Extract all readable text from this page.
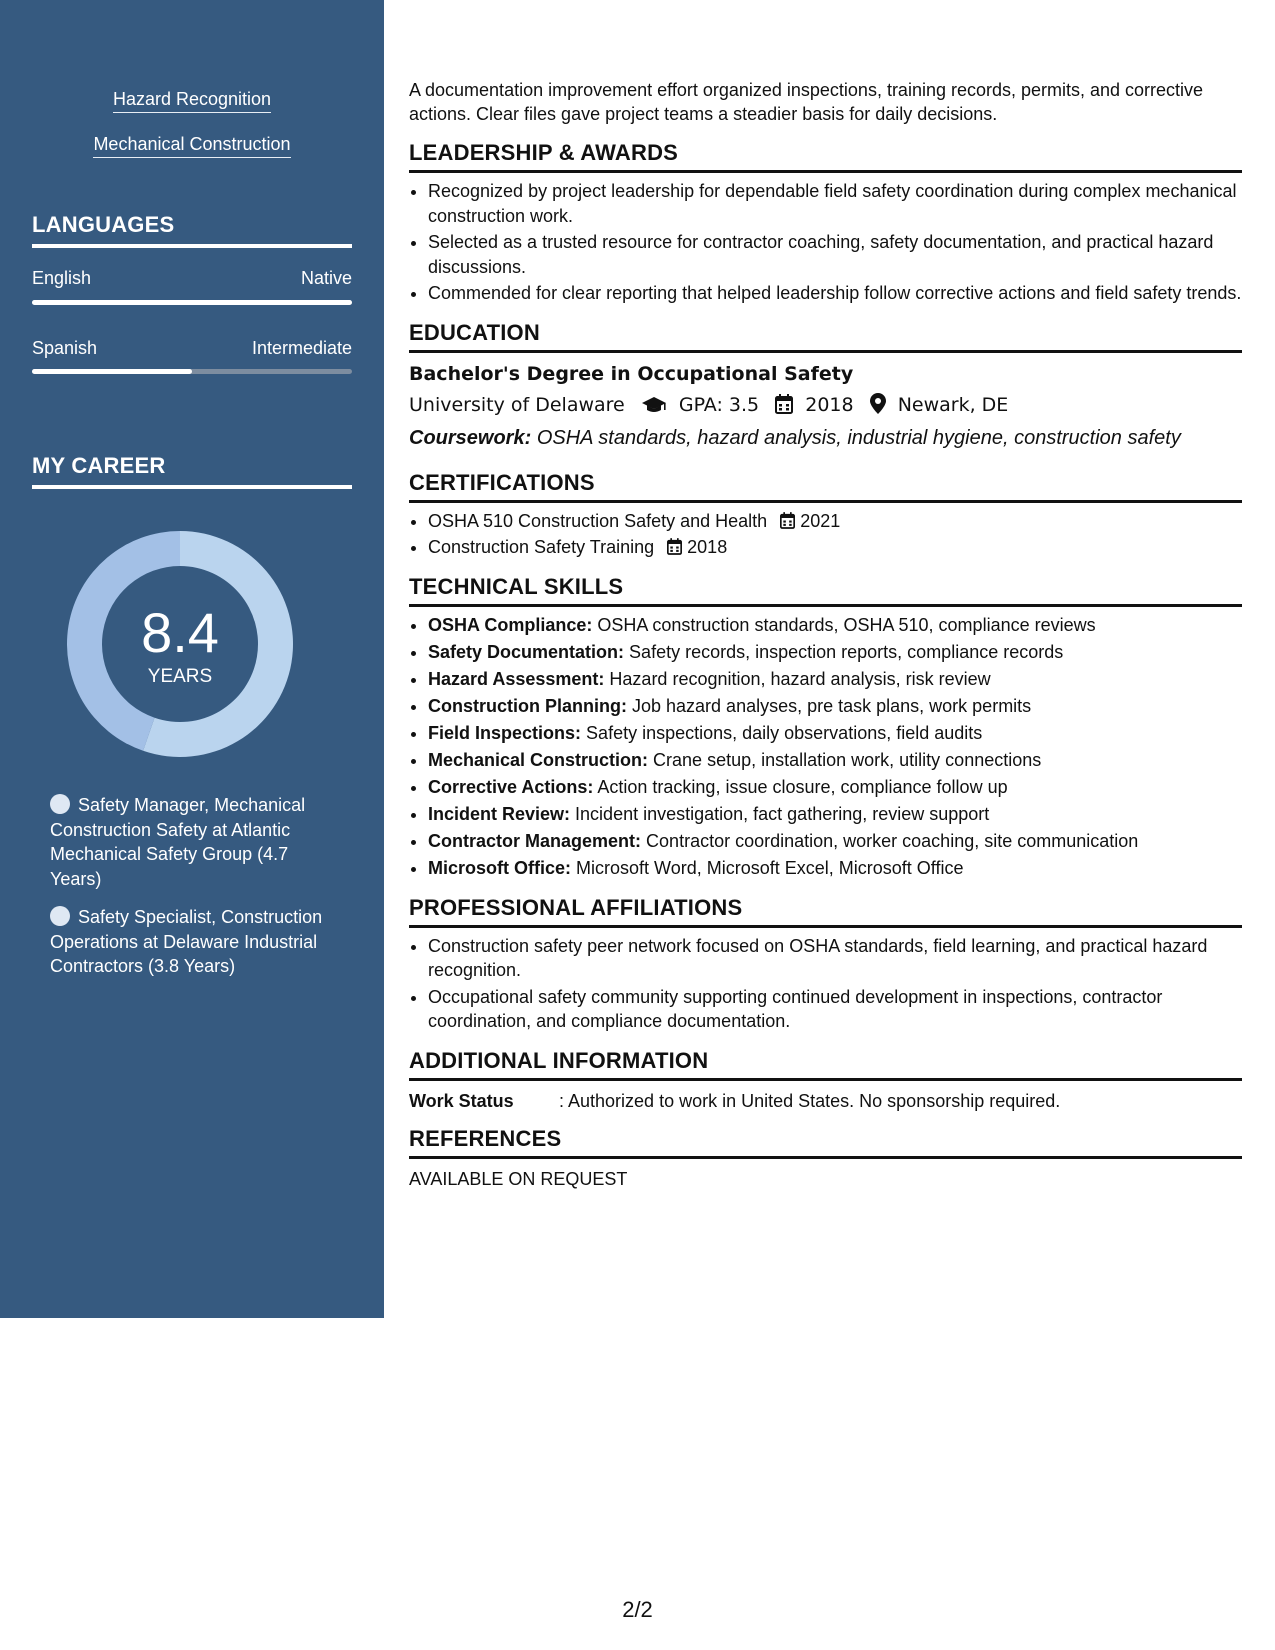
Hazard Recognition
Mechanical Construction
LANGUAGES
English	Native
Spanish	Intermediate
MY CAREER
8.4
YEARS
Safety Manager, Mechanical Construction Safety at Atlantic Mechanical Safety Group (4.7 Years)
Safety Specialist, Construction Operations at Delaware Industrial Contractors (3.8 Years)

A documentation improvement effort organized inspections, training records, permits, and corrective actions. Clear files gave project teams a steadier basis for daily decisions.

LEADERSHIP & AWARDS
• Recognized by project leadership for dependable field safety coordination during complex mechanical construction work.
• Selected as a trusted resource for contractor coaching, safety documentation, and practical hazard discussions.
• Commended for clear reporting that helped leadership follow corrective actions and field safety trends.
EDUCATION
Bachelor's Degree in Occupational Safety
University of Delaware	GPA: 3.5 2018 Newark, DE
Coursework: OSHA standards, hazard analysis, industrial hygiene, construction safety
CERTIFICATIONS
• OSHA 510 Construction Safety and Health 2021
• Construction Safety Training 2018
TECHNICAL SKILLS
• OSHA Compliance: OSHA construction standards, OSHA 510, compliance reviews
• Safety Documentation: Safety records, inspection reports, compliance records
• Hazard Assessment: Hazard recognition, hazard analysis, risk review
• Construction Planning: Job hazard analyses, pre task plans, work permits
• Field Inspections: Safety inspections, daily observations, field audits
• Mechanical Construction: Crane setup, installation work, utility connections
• Corrective Actions: Action tracking, issue closure, compliance follow up
• Incident Review: Incident investigation, fact gathering, review support
• Contractor Management: Contractor coordination, worker coaching, site communication
• Microsoft Office: Microsoft Word, Microsoft Excel, Microsoft Office
PROFESSIONAL AFFILIATIONS
• Construction safety peer network focused on OSHA standards, field learning, and practical hazard recognition.
• Occupational safety community supporting continued development in inspections, contractor coordination, and compliance documentation.
ADDITIONAL INFORMATION
Work Status	: Authorized to work in United States. No sponsorship required.
REFERENCES
AVAILABLE ON REQUEST
2/2
